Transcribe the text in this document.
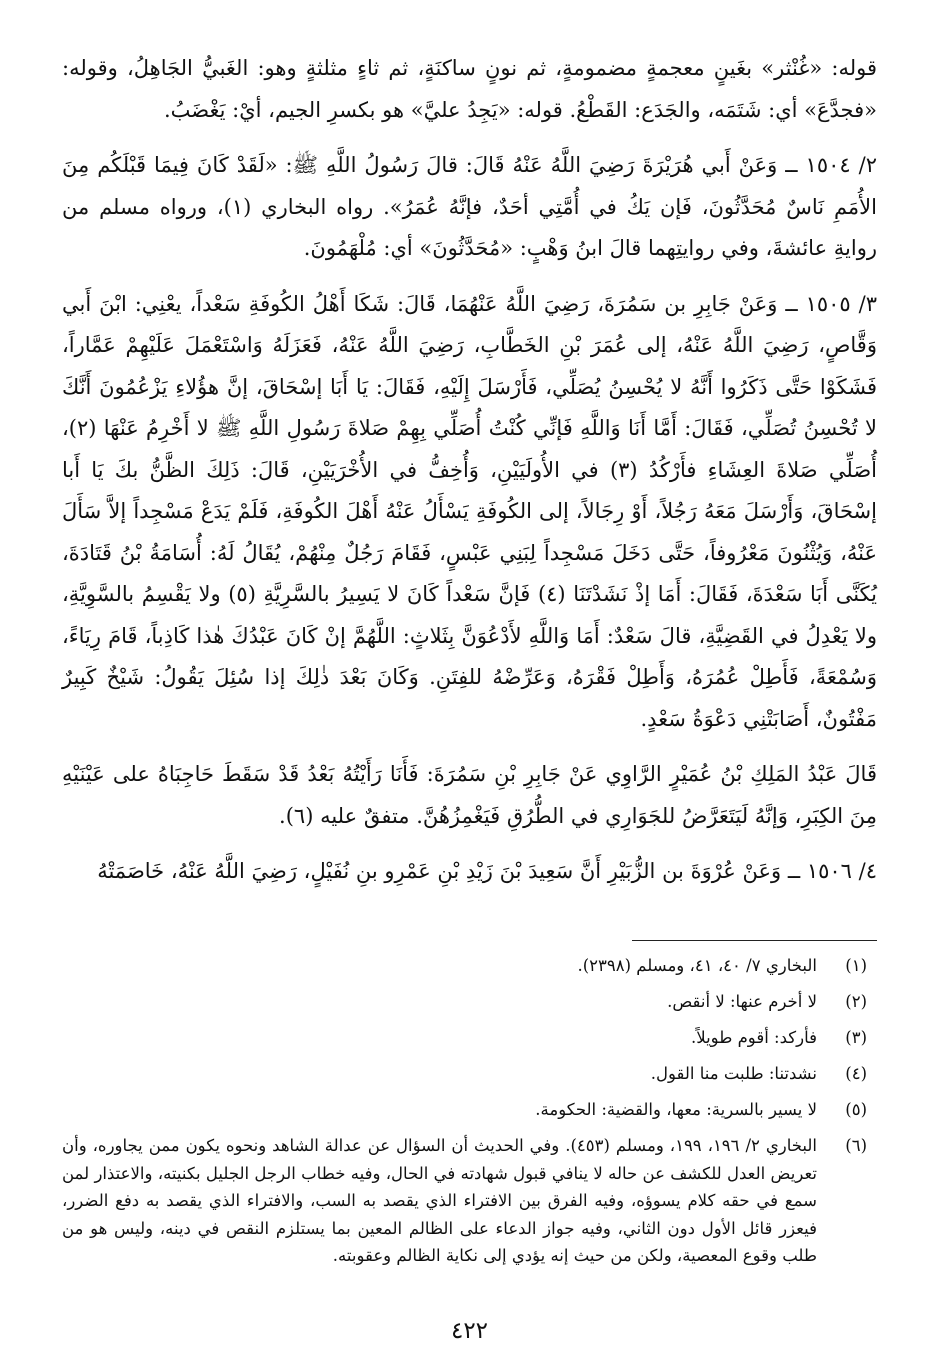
قوله: «غُنْثر» بغَينٍ معجمةٍ مضمومةٍ، ثم نونٍ ساكنَةٍ، ثم ثاءٍ مثلثةٍ وهو: الغَبيُّ الجَاهِلُ، وقوله: «فجدَّعَ» أي: شَتَمَه، والجَدَع: القَطْعُ. قوله: «يَجِدُ عليَّ» هو بكسرِ الجيم، أيْ: يَغْضَبُ.

٢/ ١٥٠٤ ــ وَعَنْ أَبي هُرَيْرَةَ رَضِيَ اللَّهُ عَنْهُ قَالَ: قالَ رَسُولُ اللَّهِ ﷺ: «لَقَدْ كَانَ فِيمَا قَبْلَكُم مِنَ الأُمَمِ نَاسٌ مُحَدَّثُونَ، فَإن يَكُ في أُمَّتِي أحَدٌ، فإنَّهُ عُمَرُ». رواه البخاري (١)، ورواه مسلم من روايةِ عائشةَ، وفي روايتِهما قالَ ابنُ وَهْبٍ: «مُحَدَّثُونَ» أي: مُلْهَمُونَ.

٣/ ١٥٠٥ ــ وَعَنْ جَابِرِ بن سَمُرَةَ، رَضِيَ اللَّهُ عَنْهُمَا، قَالَ: شَكَا أَهْلُ الكُوفَةِ سَعْداً، يعْنِي: ابْنَ أَبي وَقَّاصٍ، رَضِيَ اللَّهُ عَنْهُ، إلى عُمَرَ بْنِ الخَطَّابِ، رَضِيَ اللَّهُ عَنْهُ، فَعَزَلَهُ وَاسْتَعْمَلَ عَلَيْهِمْ عَمَّاراً، فَشَكَوْا حَتَّى ذَكَرُوا أَنَّهُ لا يُحْسِنُ يُصَلِّي، فَأَرْسَلَ إِلَيْهِ، فَقَالَ: يَا أَبَا إسْحَاقَ، إنَّ هؤُلاءِ يَزْعُمُونَ أَنَّكَ لا تُحْسِنُ تُصَلِّي، فَقَالَ: أَمَّا أَنَا وَاللَّهِ فَإنِّي كُنْتُ أُصَلِّي بِهِمْ صَلاةَ رَسُولِ اللَّهِ ﷺ لا أَخْرِمُ عَنْهَا (٢)، أُصَلِّي صَلاةَ العِشَاءِ فأَرْكُدُ (٣) في الأُولَيَيْنِ، وَأُخِفُّ في الأُخْرَيَيْنِ، قَالَ: ذَلِكَ الظَّنُّ بكَ يَا أَبا إسْحَاقَ، وَأَرْسَلَ مَعَهُ رَجُلاً، أَوْ رِجَالاً، إلى الكُوفَةِ يَسْأَلُ عَنْهُ أَهْلَ الكُوفَةِ، فَلَمْ يَدَعْ مَسْجِداً إلاَّ سَأَلَ عَنْهُ، وَيُثْنُونَ مَعْرُوفاً، حَتَّى دَخَلَ مَسْجِداً لِبَنِي عَبْسٍ، فَقَامَ رَجُلٌ مِنْهُمْ، يُقَالُ لَهُ: أُسَامَةُ بْنُ قَتَادَةَ، يُكَنَّى أَبَا سَعْدَةَ، فَقَالَ: أَمَا إذْ نَشَدْتَنَا (٤) فَإنَّ سَعْداً كَانَ لا يَسِيرُ بالسَّرِيَّةِ (٥) ولا يَقْسِمُ بالسَّوِيَّةِ، ولا يَعْدِلُ في القَضِيَّةِ، قالَ سَعْدٌ: أَمَا وَاللَّهِ لأَدْعُوَنَّ بِثَلاثٍ: اللَّهُمَّ إنْ كَانَ عَبْدُكَ هٰذا كَاذِباً، قَامَ رِيَاءً، وَسُمْعَةً، فَأَطِلْ عُمُرَهُ، وَأَطِلْ فَقْرَهُ، وَعَرِّضْهُ للفِتَنِ. وَكَانَ بَعْدَ ذٰلِكَ إذا سُئِلَ يَقُولُ: شَيْخٌ كَبِيرٌ مَفْتُونٌ، أَصَابَتْنِي دَعْوَةُ سَعْدٍ.

قَالَ عَبْدُ المَلِكِ بْنُ عُمَيْرٍ الرَّاوِي عَنْ جَابِرِ بْنِ سَمُرَةَ: فَأَنَا رَأَيْتُهُ بَعْدُ قَدْ سَقَطَ حَاجِبَاهُ على عَيْنَيْهِ مِنَ الكِبَرِ، وَإنَّهُ لَيَتَعَرَّضُ للجَوَارِي في الطُّرُقِ فَيَغْمِزُهُنَّ. متفقٌ عليه (٦).

٤/ ١٥٠٦ ــ وَعَنْ عُرْوَةَ بن الزُّبَيْرِ أَنَّ سَعِيدَ بْنَ زَيْدِ بْنِ عَمْرِو بنِ نُفَيْلٍ، رَضِيَ اللَّهُ عَنْهُ، خَاصَمَتْهُ

(١)
البخاري ٧/ ٤٠، ٤١، ومسلم (٢٣٩٨).
(٢)
لا أخرم عنها: لا أنقص.
(٣)
فأركد: أقوم طويلاً.
(٤)
نشدتنا: طلبت منا القول.
(٥)
لا يسير بالسرية: معها، والقضية: الحكومة.
(٦)
البخاري ٢/ ١٩٦، ١٩٩، ومسلم (٤٥٣). وفي الحديث أن السؤال عن عدالة الشاهد ونحوه يكون ممن يجاوره، وأن تعريض العدل للكشف عن حاله لا ينافي قبول شهادته في الحال، وفيه خطاب الرجل الجليل بكنيته، والاعتذار لمن سمع في حقه كلام يسوؤه، وفيه الفرق بين الافتراء الذي يقصد به السب، والافتراء الذي يقصد به دفع الضرر، فيعزر قائل الأول دون الثاني، وفيه جواز الدعاء على الظالم المعين بما يستلزم النقص في دينه، وليس هو من طلب وقوع المعصية، ولكن من حيث إنه يؤدي إلى نكاية الظالم وعقوبته.
٤٢٢
